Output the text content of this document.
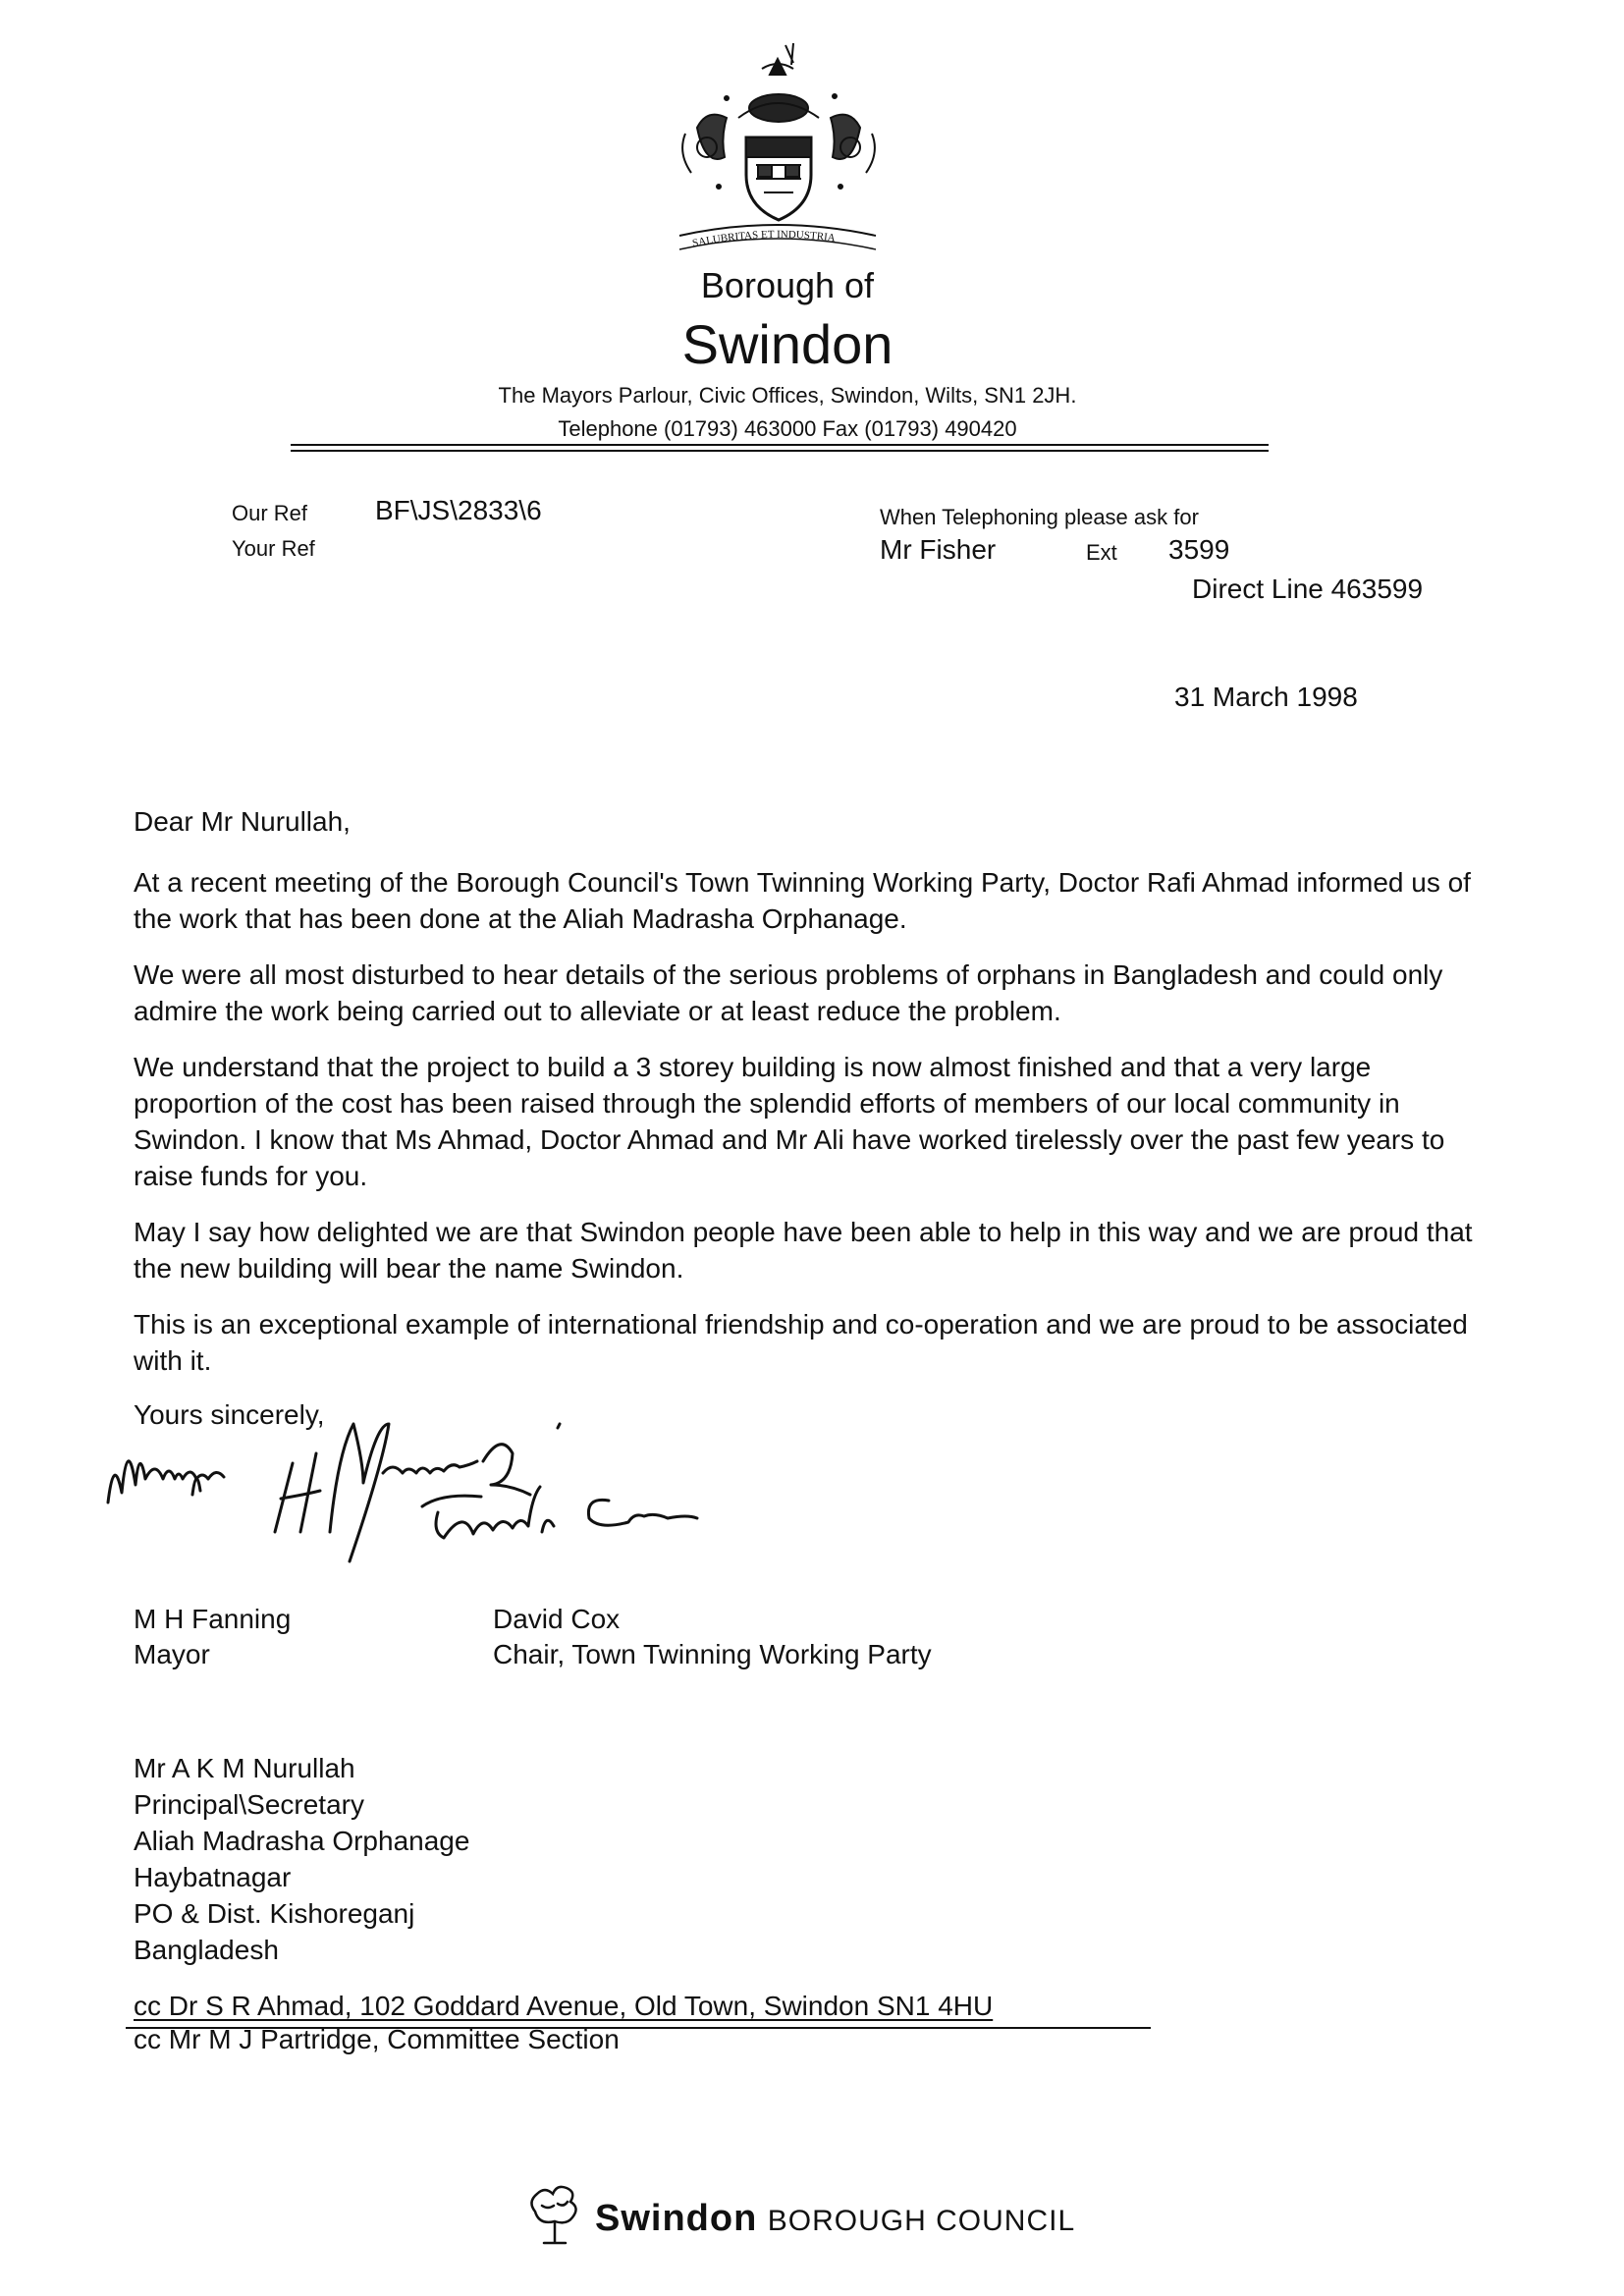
SALUBRITAS ET INDUSTRIA
Borough of
Swindon
The Mayors Parlour, Civic Offices, Swindon, Wilts, SN1 2JH.
Telephone (01793) 463000 Fax (01793) 490420
Our Ref BF\JS\2833\6
Your Ref
When Telephoning please ask for
Mr Fisher	Ext 3599
Direct Line 463599
31 March 1998
Dear Mr Nurullah,

At a recent meeting of the Borough Council's Town Twinning Working Party, Doctor Rafi Ahmad informed us of the work that has been done at the Aliah Madrasha Orphanage.

We were all most disturbed to hear details of the serious problems of orphans in Bangladesh and could only admire the work being carried out to alleviate or at least reduce the problem.

We understand that the project to build a 3 storey building is now almost finished and that a very large proportion of the cost has been raised through the splendid efforts of members of our local community in Swindon. I know that Ms Ahmad, Doctor Ahmad and Mr Ali have worked tirelessly over the past few years to raise funds for you.

May I say how delighted we are that Swindon people have been able to help in this way and we are proud that the new building will bear the name Swindon.

This is an exceptional example of international friendship and co-operation and we are proud to be associated with it.

Yours sincerely,
M H Fanning
Mayor
David Cox
Chair, Town Twinning Working Party
Mr A K M Nurullah
Principal\Secretary
Aliah Madrasha Orphanage
Haybatnagar
PO & Dist. Kishoreganj
Bangladesh
cc Dr S R Ahmad, 102 Goddard Avenue, Old Town, Swindon SN1 4HU
cc Mr M J Partridge, Committee Section
Swindon BOROUGH COUNCIL
